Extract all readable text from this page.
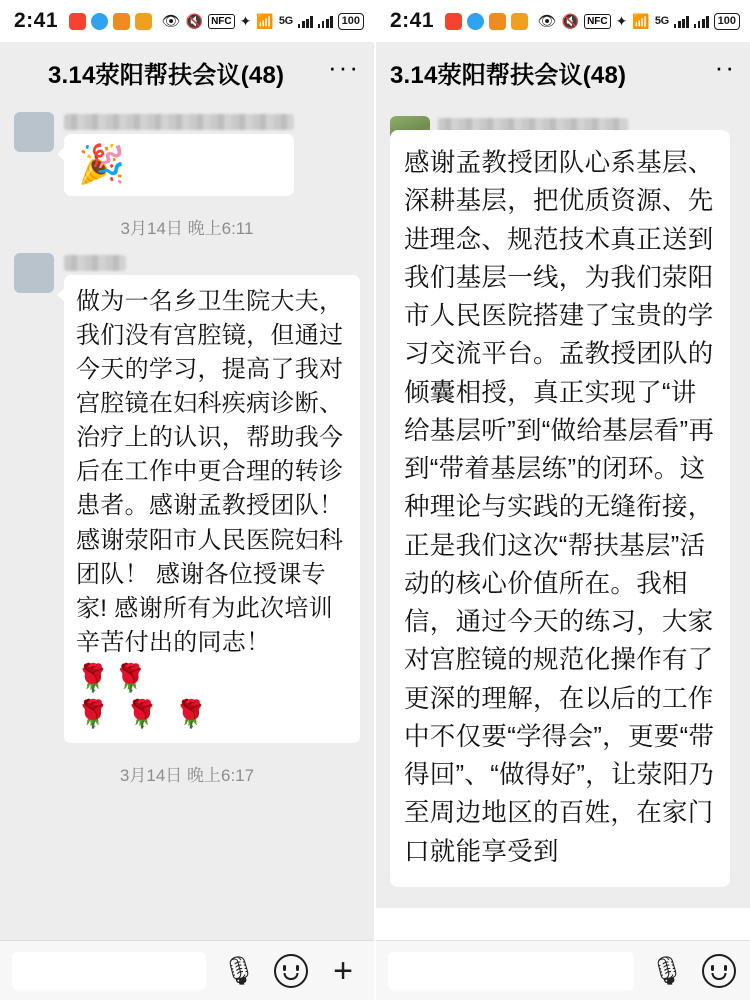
2:41	👁 🔇 NFC ✦ 📶 5G	100
3.14荥阳帮扶会议(48) ···
🎉
3月14日 晚上6:11
做为一名乡卫生院大夫，我们没有宫腔镜，但通过今天的学习，提高了我对宫腔镜在妇科疾病诊断、治疗上的认识，帮助我今后在工作中更合理的转诊患者。感谢孟教授团队！感谢荥阳市人民医院妇科团队！ 感谢各位授课专家! 感谢所有为此次培训辛苦付出的同志！
🌹🌹
🌹 🌹 🌹
3月14日 晚上6:17
🎙 +
2:41	👁 🔇 NFC ✦ 📶 5G	100
3.14荥阳帮扶会议(48)	··
感谢孟教授团队心系基层、深耕基层，把优质资源、先进理念、规范技术真正送到我们基层一线，为我们荥阳市人民医院搭建了宝贵的学习交流平台。孟教授团队的倾囊相授，真正实现了“讲给基层听”到“做给基层看”再到“带着基层练”的闭环。这种理论与实践的无缝衔接，正是我们这次“帮扶基层”活动的核心价值所在。我相信，通过今天的练习，大家对宫腔镜的规范化操作有了更深的理解，在以后的工作中不仅要“学得会”，更要“带得回”、“做得好”，让荥阳乃至周边地区的百姓，在家门口就能享受到
🎙
